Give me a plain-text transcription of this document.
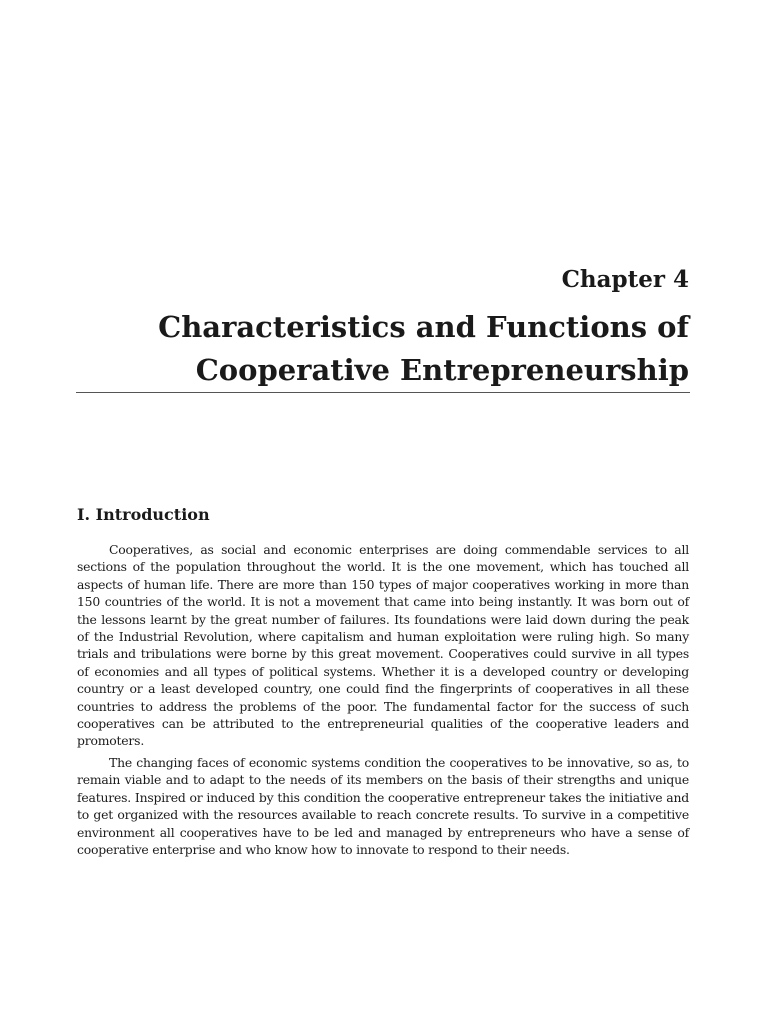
Chapter 4
Characteristics and Functions of Cooperative Entrepreneurship
I. Introduction

Cooperatives, as social and economic enterprises are doing commendable services to all sections of the population throughout the world. It is the one movement, which has touched all aspects of human life. There are more than 150 types of major cooperatives working in more than 150 countries of the world. It is not a movement that came into being instantly. It was born out of the lessons learnt by the great number of failures. Its foundations were laid down during the peak of the Industrial Revolution, where capitalism and human exploitation were ruling high. So many trials and tribulations were borne by this great movement. Cooperatives could survive in all types of economies and all types of political systems. Whether it is a developed country or developing country or a least developed country, one could find the fingerprints of cooperatives in all these countries to address the problems of the poor. The fundamental factor for the success of such cooperatives can be attributed to the entrepreneurial qualities of the cooperative leaders and promoters.

The changing faces of economic systems condition the cooperatives to be innovative, so as, to remain viable and to adapt to the needs of its members on the basis of their strengths and unique features. Inspired or induced by this condition the cooperative entrepreneur takes the initiative and to get organized with the resources available to reach concrete results. To survive in a competitive environment all cooperatives have to be led and managed by entrepreneurs who have a sense of cooperative enterprise and who know how to innovate to respond to their needs.
